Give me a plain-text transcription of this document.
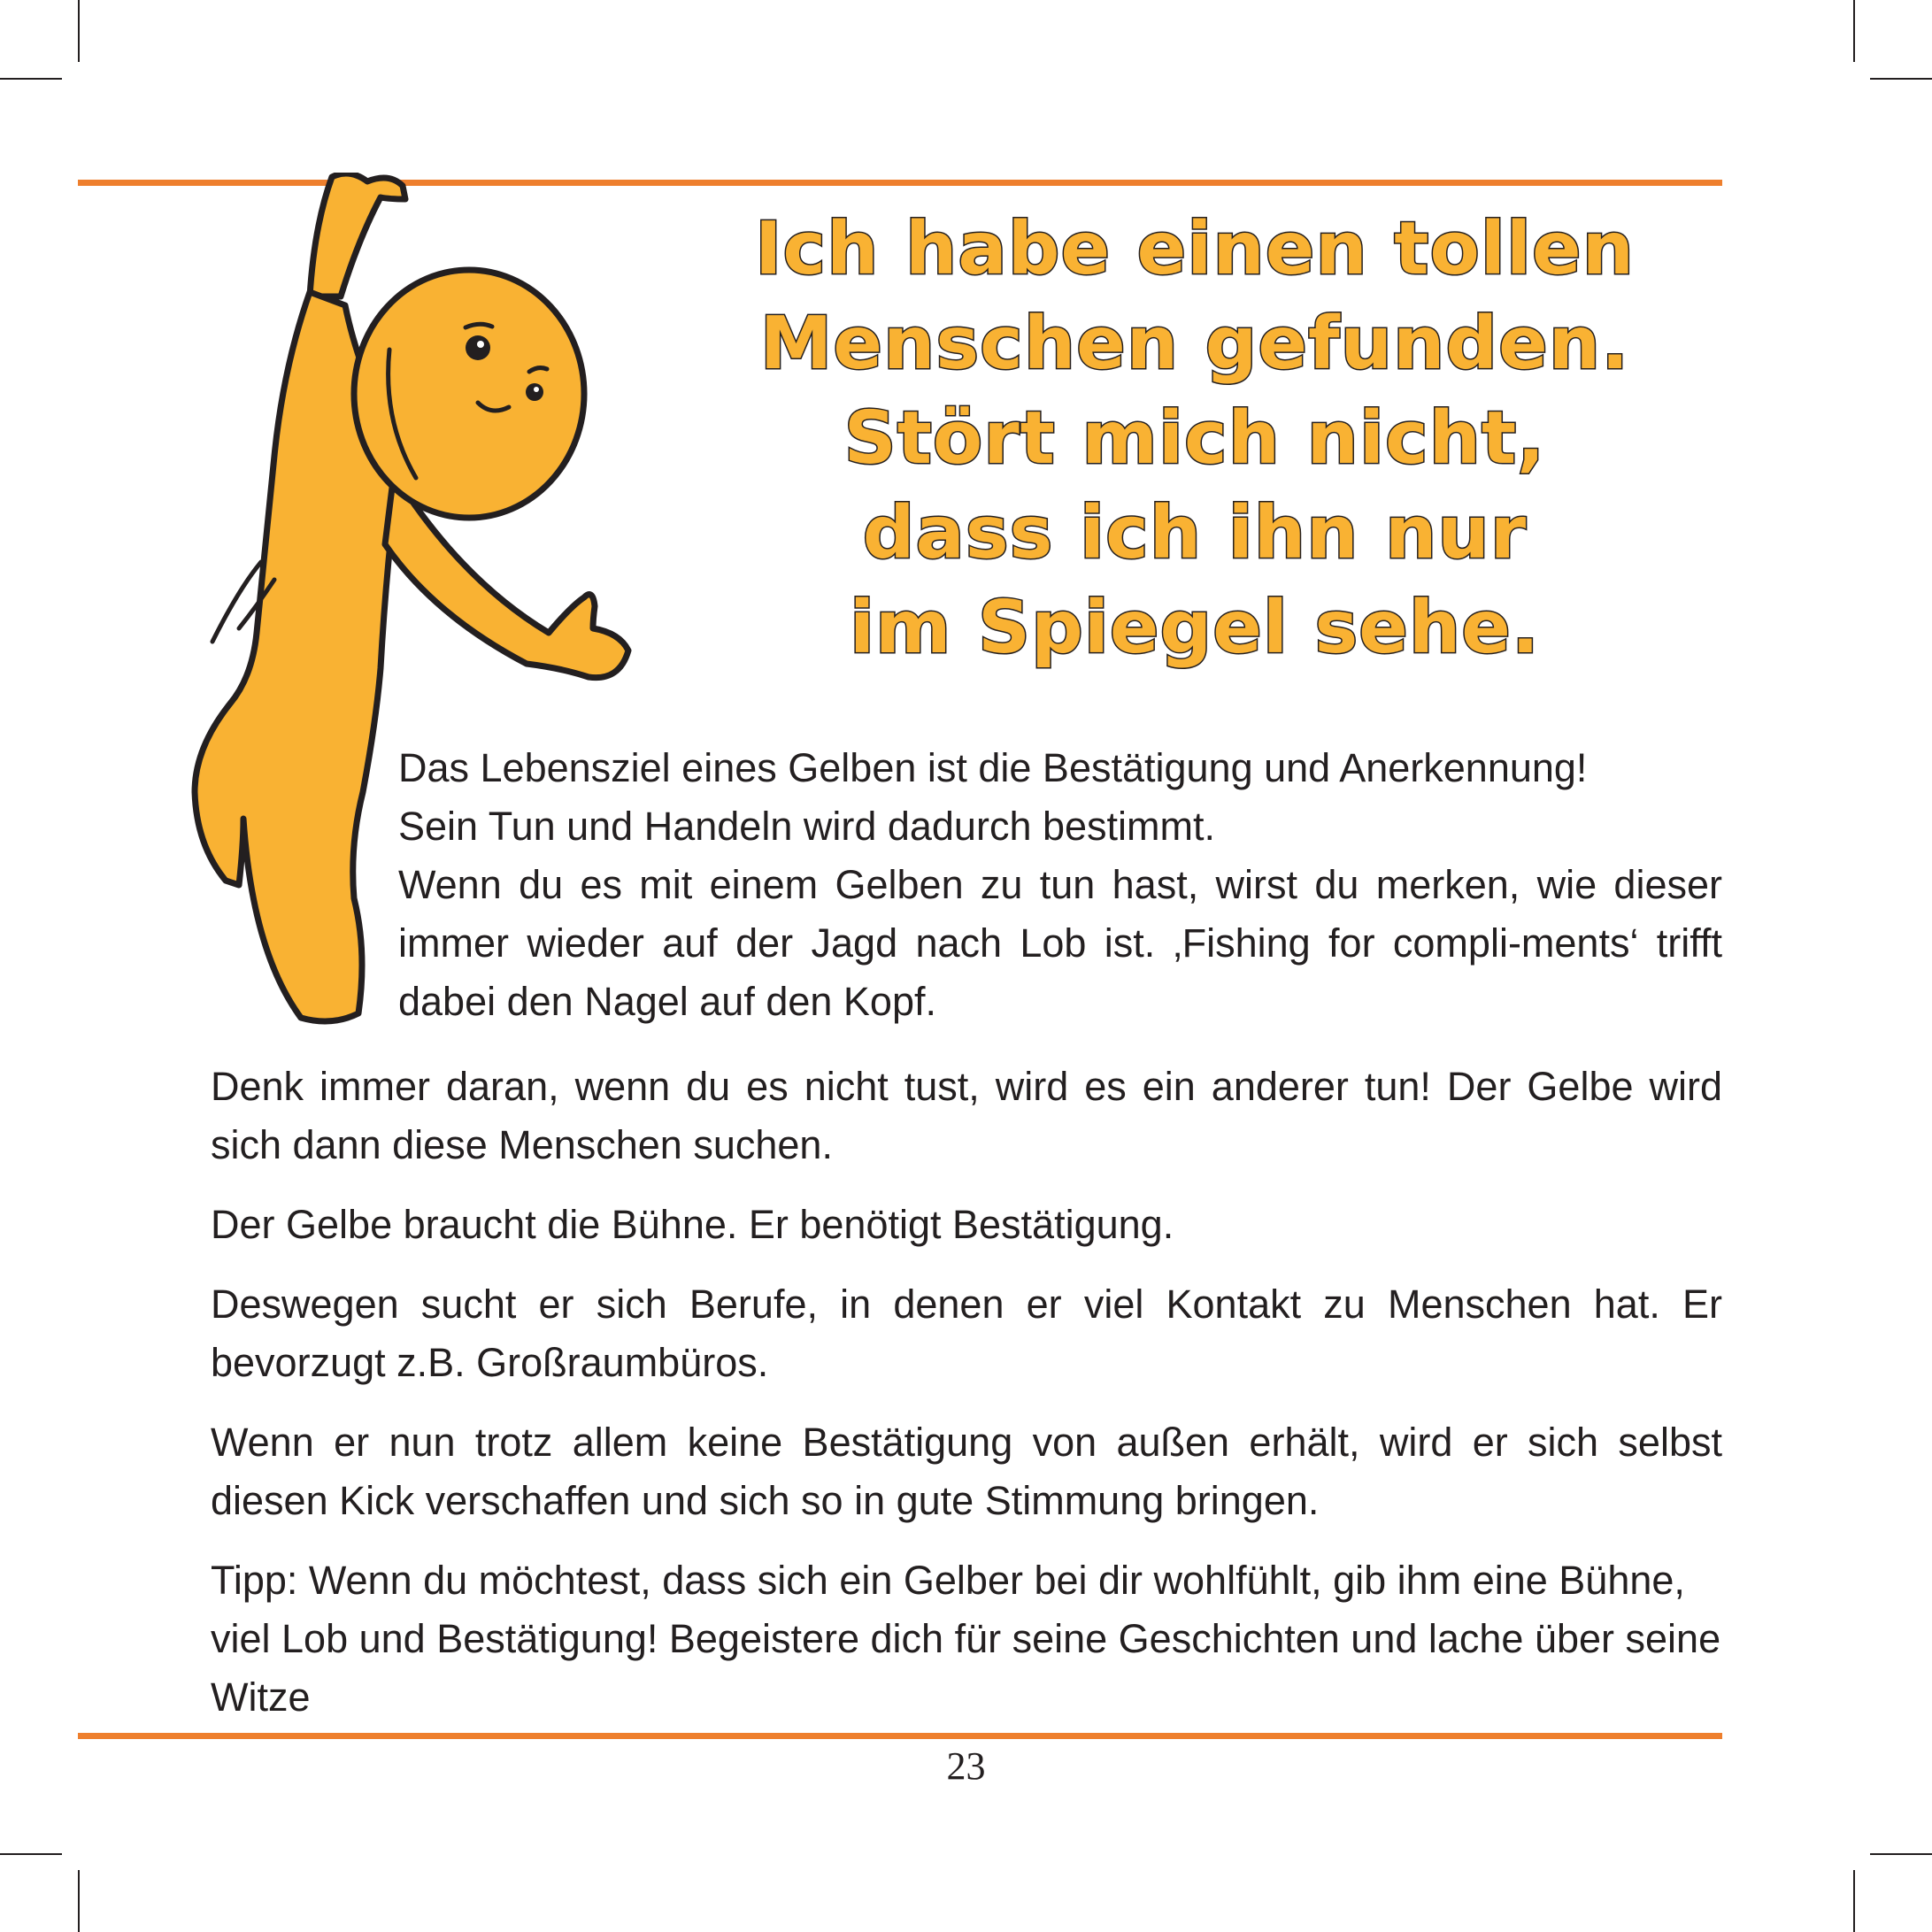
Ich habe einen tollen
Menschen gefunden.
Stört mich nicht,
dass ich ihn nur
im Spiegel sehe.
Das Lebensziel eines Gelben ist die Bestätigung und Anerkennung!
Sein Tun und Handeln wird dadurch bestimmt.
Wenn du es mit einem Gelben zu tun hast, wirst du merken, wie dieser immer wieder auf der Jagd nach Lob ist. ‚Fishing for compli-ments‘ trifft dabei den Nagel auf den Kopf.

Denk immer daran, wenn du es nicht tust, wird es ein anderer tun! Der Gelbe wird sich dann diese Menschen suchen.

Der Gelbe braucht die Bühne. Er benötigt Bestätigung.

Deswegen sucht er sich Berufe, in denen er viel Kontakt zu Menschen hat. Er bevorzugt z.B. Großraumbüros.

Wenn er nun trotz allem keine Bestätigung von außen erhält, wird er sich selbst diesen Kick verschaffen und sich so in gute Stimmung bringen.

Tipp: Wenn du möchtest, dass sich ein Gelber bei dir wohlfühlt, gib ihm eine Bühne, viel Lob und Bestätigung! Begeistere dich für seine Geschichten und lache über seine Witze

23
